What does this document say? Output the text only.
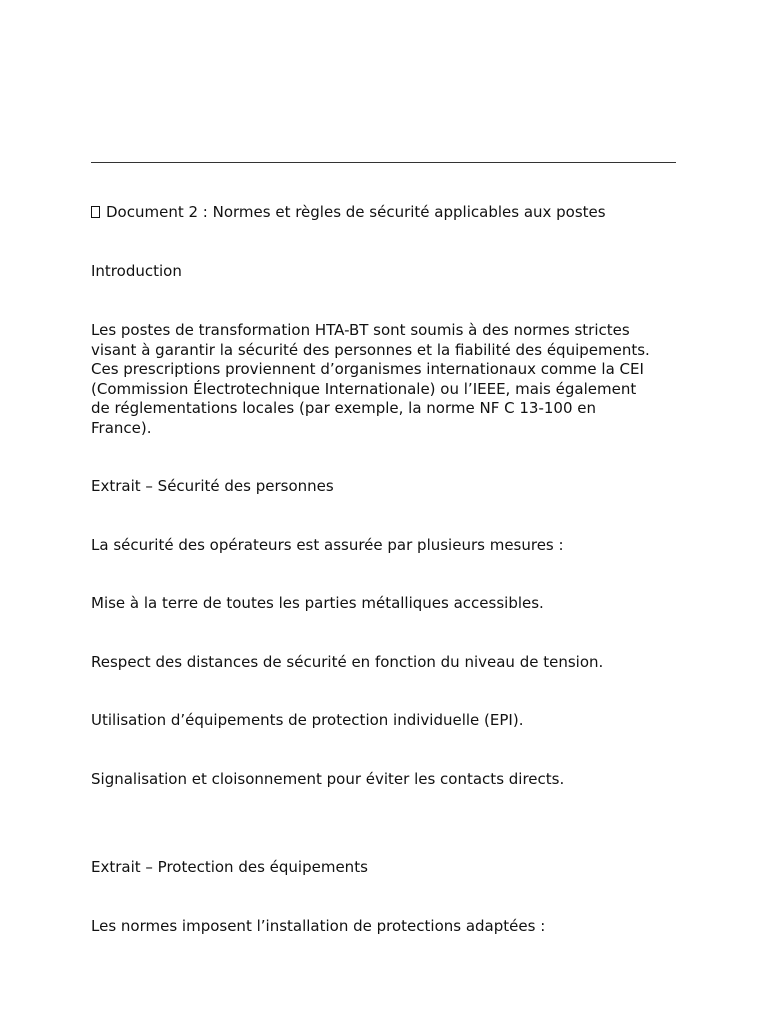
Document 2 : Normes et règles de sécurité applicables aux postes
Introduction
Les postes de transformation HTA-BT sont soumis à des normes strictes
visant à garantir la sécurité des personnes et la fiabilité des équipements.
Ces prescriptions proviennent d’organismes internationaux comme la CEI
(Commission Électrotechnique Internationale) ou l’IEEE, mais également
de réglementations locales (par exemple, la norme NF C 13-100 en
France).
Extrait – Sécurité des personnes
La sécurité des opérateurs est assurée par plusieurs mesures :
Mise à la terre de toutes les parties métalliques accessibles.
Respect des distances de sécurité en fonction du niveau de tension.
Utilisation d’équipements de protection individuelle (EPI).
Signalisation et cloisonnement pour éviter les contacts directs.
Extrait – Protection des équipements
Les normes imposent l’installation de protections adaptées :
